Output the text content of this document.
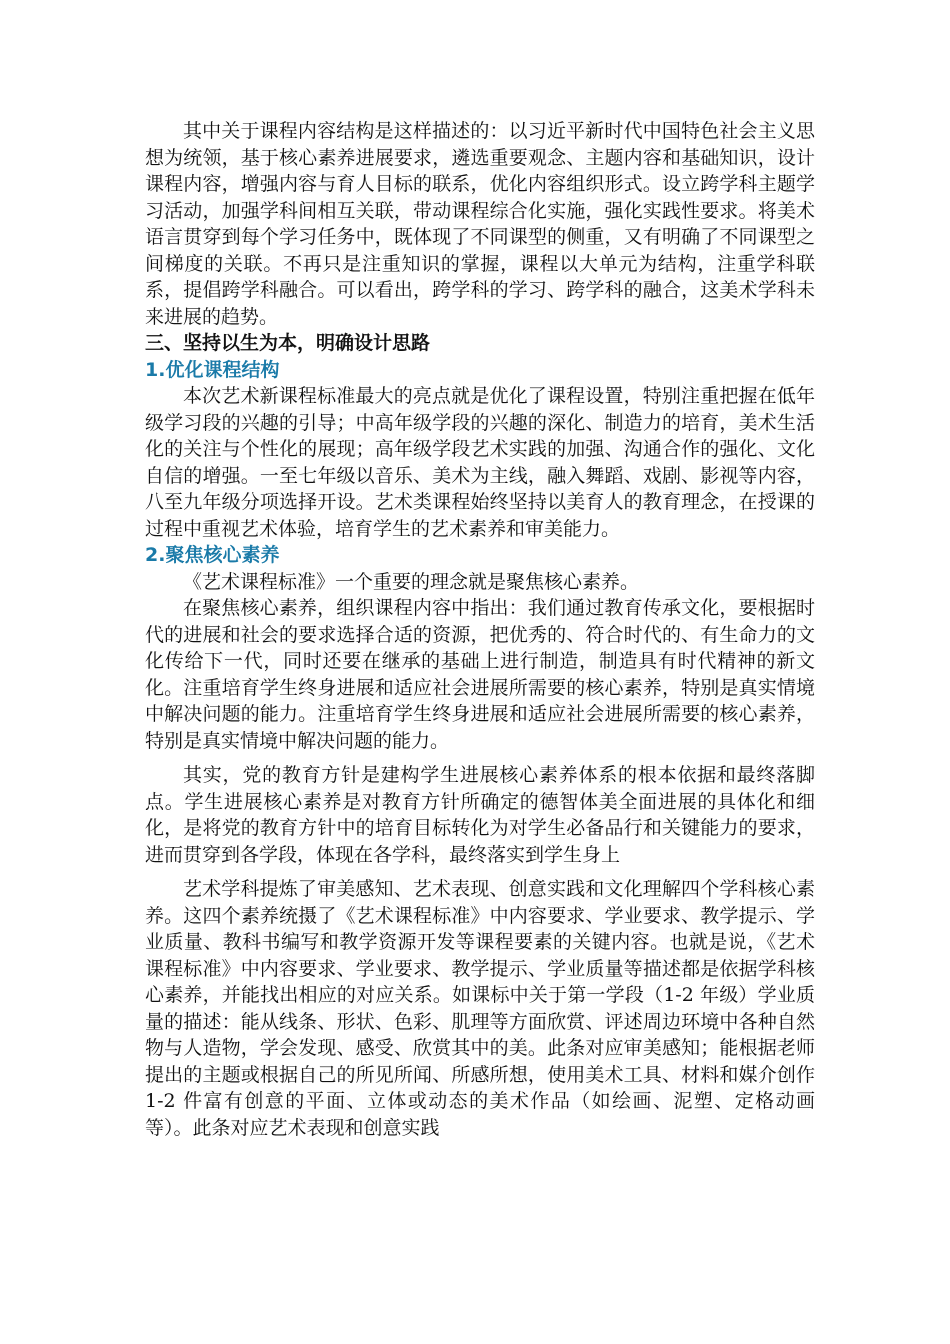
其中关于课程内容结构是这样描述的：以习近平新时代中国特色社会主义思想为统领，基于核心素养进展要求，遴选重要观念、主题内容和基础知识，设计课程内容，增强内容与育人目标的联系，优化内容组织形式。设立跨学科主题学习活动，加强学科间相互关联，带动课程综合化实施，强化实践性要求。将美术语言贯穿到每个学习任务中，既体现了不同课型的侧重，又有明确了不同课型之间梯度的关联。不再只是注重知识的掌握，课程以大单元为结构，注重学科联系，提倡跨学科融合。可以看出，跨学科的学习、跨学科的融合，这美术学科未来进展的趋势。

三、坚持以生为本，明确设计思路
1.优化课程结构

本次艺术新课程标准最大的亮点就是优化了课程设置，特别注重把握在低年级学习段的兴趣的引导；中高年级学段的兴趣的深化、制造力的培育，美术生活化的关注与个性化的展现；高年级学段艺术实践的加强、沟通合作的强化、文化自信的增强。一至七年级以音乐、美术为主线，融入舞蹈、戏剧、影视等内容，八至九年级分项选择开设。艺术类课程始终坚持以美育人的教育理念，在授课的过程中重视艺术体验，培育学生的艺术素养和审美能力。

2.聚焦核心素养

《艺术课程标准》一个重要的理念就是聚焦核心素养。

在聚焦核心素养，组织课程内容中指出：我们通过教育传承文化，要根据时代的进展和社会的要求选择合适的资源，把优秀的、符合时代的、有生命力的文化传给下一代，同时还要在继承的基础上进行制造，制造具有时代精神的新文化。注重培育学生终身进展和适应社会进展所需要的核心素养，特别是真实情境中解决问题的能力。注重培育学生终身进展和适应社会进展所需要的核心素养，特别是真实情境中解决问题的能力。

其实，党的教育方针是建构学生进展核心素养体系的根本依据和最终落脚点。学生进展核心素养是对教育方针所确定的德智体美全面进展的具体化和细化，是将党的教育方针中的培育目标转化为对学生必备品行和关键能力的要求，进而贯穿到各学段，体现在各学科，最终落实到学生身上

艺术学科提炼了审美感知、艺术表现、创意实践和文化理解四个学科核心素养。这四个素养统摄了《艺术课程标准》中内容要求、学业要求、教学提示、学业质量、教科书编写和教学资源开发等课程要素的关键内容。也就是说，《艺术课程标准》中内容要求、学业要求、教学提示、学业质量等描述都是依据学科核心素养，并能找出相应的对应关系。如课标中关于第一学段（1-2 年级）学业质量的描述：能从线条、形状、色彩、肌理等方面欣赏、评述周边环境中各种自然物与人造物，学会发现、感受、欣赏其中的美。此条对应审美感知；能根据老师提出的主题或根据自己的所见所闻、所感所想，使用美术工具、材料和媒介创作 1-2 件富有创意的平面、立体或动态的美术作品（如绘画、泥塑、定格动画等）。此条对应艺术表现和创意实践
